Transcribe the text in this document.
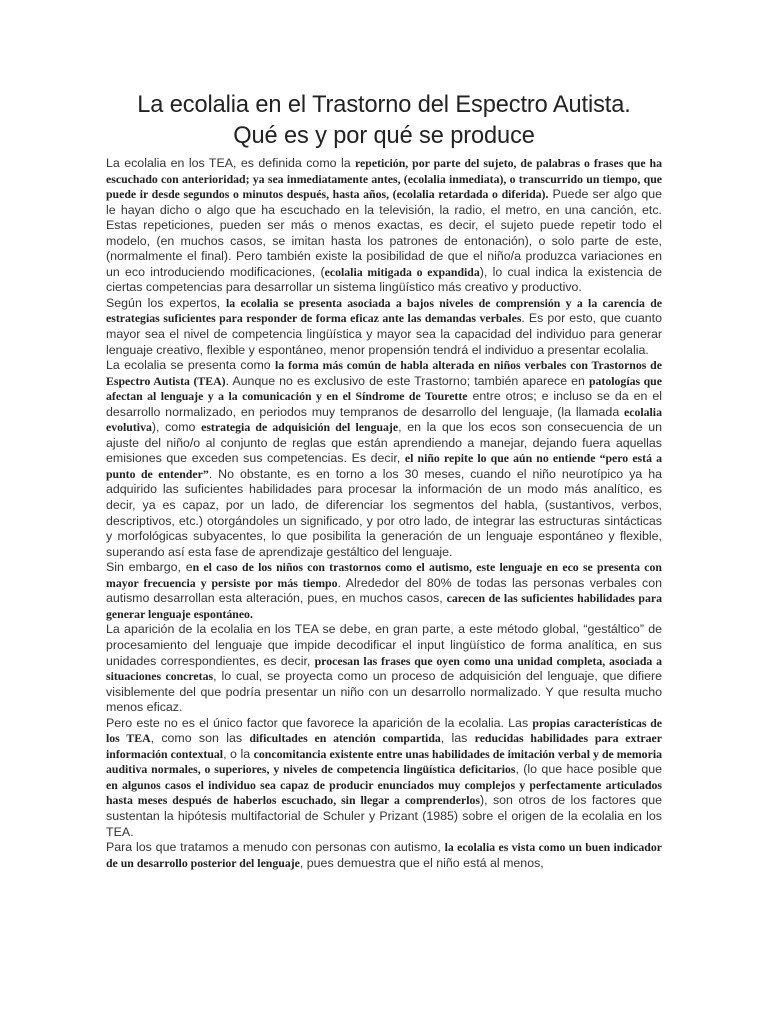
La ecolalia en el Trastorno del Espectro Autista.
Qué es y por qué se produce

La ecolalia en los TEA, es definida como la repetición, por parte del sujeto, de palabras o frases que ha escuchado con anterioridad; ya sea inmediatamente antes, (ecolalia inmediata), o transcurrido un tiempo, que puede ir desde segundos o minutos después, hasta años, (ecolalia retardada o diferida). Puede ser algo que le hayan dicho o algo que ha escuchado en la televisión, la radio, el metro, en una canción, etc. Estas repeticiones, pueden ser más o menos exactas, es decir, el sujeto puede repetir todo el modelo, (en muchos casos, se imitan hasta los patrones de entonación), o solo parte de este, (normalmente el final). Pero también existe la posibilidad de que el niño/a produzca variaciones en un eco introduciendo modificaciones, (ecolalia mitigada o expandida), lo cual indica la existencia de ciertas competencias para desarrollar un sistema lingüístico más creativo y productivo.

Según los expertos, la ecolalia se presenta asociada a bajos niveles de comprensión y a la carencia de estrategias suficientes para responder de forma eficaz ante las demandas verbales. Es por esto, que cuanto mayor sea el nivel de competencia lingüística y mayor sea la capacidad del individuo para generar lenguaje creativo, flexible y espontáneo, menor propensión tendrá el individuo a presentar ecolalia.

La ecolalia se presenta como la forma más común de habla alterada en niños verbales con Trastornos de Espectro Autista (TEA). Aunque no es exclusivo de este Trastorno; también aparece en patologías que afectan al lenguaje y a la comunicación y en el Síndrome de Tourette entre otros; e incluso se da en el desarrollo normalizado, en periodos muy tempranos de desarrollo del lenguaje, (la llamada ecolalia evolutiva), como estrategia de adquisición del lenguaje, en la que los ecos son consecuencia de un ajuste del niño/o al conjunto de reglas que están aprendiendo a manejar, dejando fuera aquellas emisiones que exceden sus competencias. Es decir, el niño repite lo que aún no entiende “pero está a punto de entender”. No obstante, es en torno a los 30 meses, cuando el niño neurotípico ya ha adquirido las suficientes habilidades para procesar la información de un modo más analítico, es decir, ya es capaz, por un lado, de diferenciar los segmentos del habla, (sustantivos, verbos, descriptivos, etc.) otorgándoles un significado, y por otro lado, de integrar las estructuras sintácticas y morfológicas subyacentes, lo que posibilita la generación de un lenguaje espontáneo y flexible, superando así esta fase de aprendizaje gestáltico del lenguaje.

Sin embargo, en el caso de los niños con trastornos como el autismo, este lenguaje en eco se presenta con mayor frecuencia y persiste por más tiempo. Alrededor del 80% de todas las personas verbales con autismo desarrollan esta alteración, pues, en muchos casos, carecen de las suficientes habilidades para generar lenguaje espontáneo.

La aparición de la ecolalia en los TEA se debe, en gran parte, a este método global, “gestáltico” de procesamiento del lenguaje que impide decodificar el input lingüístico de forma analítica, en sus unidades correspondientes, es decir, procesan las frases que oyen como una unidad completa, asociada a situaciones concretas, lo cual, se proyecta como un proceso de adquisición del lenguaje, que difiere visiblemente del que podría presentar un niño con un desarrollo normalizado. Y que resulta mucho menos eficaz.

Pero este no es el único factor que favorece la aparición de la ecolalia. Las propias características de los TEA, como son las dificultades en atención compartida, las reducidas habilidades para extraer información contextual, o la concomitancia existente entre unas habilidades de imitación verbal y de memoria auditiva normales, o superiores, y niveles de competencia lingüística deficitarios, (lo que hace posible que en algunos casos el individuo sea capaz de producir enunciados muy complejos y perfectamente articulados hasta meses después de haberlos escuchado, sin llegar a comprenderlos), son otros de los factores que sustentan la hipótesis multifactorial de Schuler y Prizant (1985) sobre el origen de la ecolalia en los TEA.

Para los que tratamos a menudo con personas con autismo, la ecolalia es vista como un buen indicador de un desarrollo posterior del lenguaje, pues demuestra que el niño está al menos,
